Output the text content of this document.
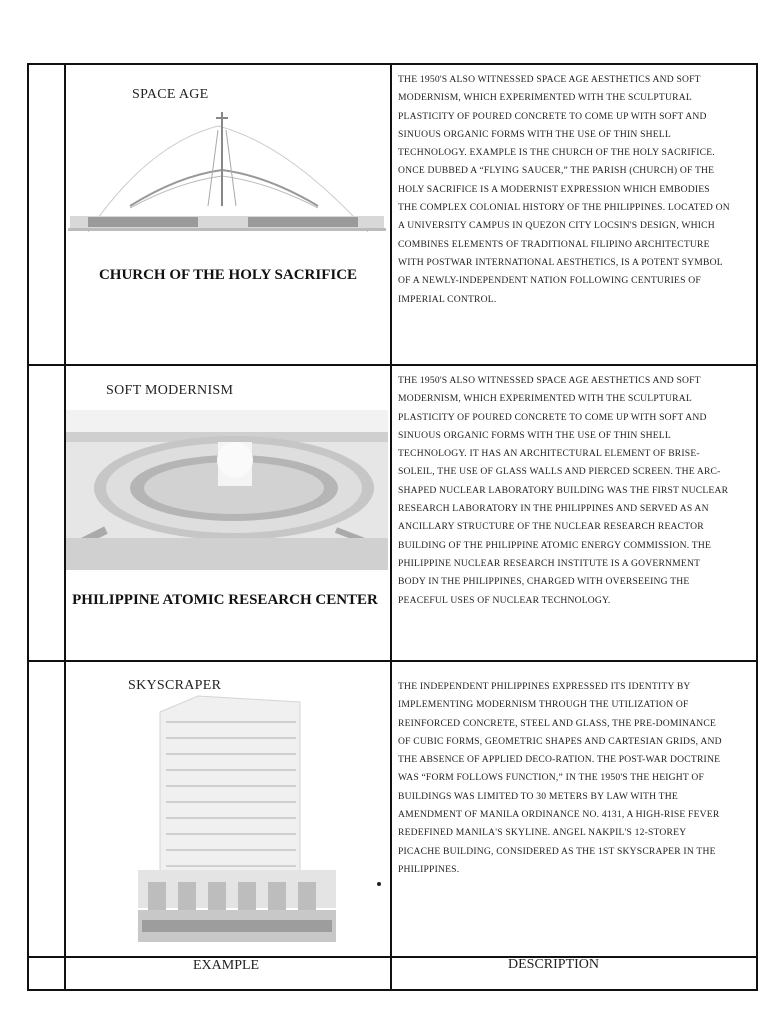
SPACE AGE
CHURCH OF THE HOLY SACRIFICE
THE 1950'S ALSO WITNESSED SPACE AGE AESTHETICS AND SOFT MODERNISM, WHICH EXPERIMENTED WITH THE SCULPTURAL PLASTICITY OF POURED CONCRETE TO COME UP WITH SOFT AND SINUOUS ORGANIC FORMS WITH THE USE OF THIN SHELL TECHNOLOGY. EXAMPLE IS THE CHURCH OF THE HOLY SACRIFICE. ONCE DUBBED A “FLYING SAUCER,” THE PARISH (CHURCH) OF THE HOLY SACRIFICE IS A MODERNIST EXPRESSION WHICH EMBODIES THE COMPLEX COLONIAL HISTORY OF THE PHILIPPINES. LOCATED ON A UNIVERSITY CAMPUS IN QUEZON CITY LOCSIN'S DESIGN, WHICH COMBINES ELEMENTS OF TRADITIONAL FILIPINO ARCHITECTURE WITH POSTWAR INTERNATIONAL AESTHETICS, IS A POTENT SYMBOL OF A NEWLY-INDEPENDENT NATION FOLLOWING CENTURIES OF IMPERIAL CONTROL.
SOFT MODERNISM
PHILIPPINE ATOMIC RESEARCH CENTER
THE 1950'S ALSO WITNESSED SPACE AGE AESTHETICS AND SOFT MODERNISM, WHICH EXPERIMENTED WITH THE SCULPTURAL PLASTICITY OF POURED CONCRETE TO COME UP WITH SOFT AND SINUOUS ORGANIC FORMS WITH THE USE OF THIN SHELL TECHNOLOGY. IT HAS AN ARCHITECTURAL ELEMENT OF BRISE-SOLEIL, THE USE OF GLASS WALLS AND PIERCED SCREEN. THE ARC-SHAPED NUCLEAR LABORATORY BUILDING WAS THE FIRST NUCLEAR RESEARCH LABORATORY IN THE PHILIPPINES AND SERVED AS AN ANCILLARY STRUCTURE OF THE NUCLEAR RESEARCH REACTOR BUILDING OF THE PHILIPPINE ATOMIC ENERGY COMMISSION. THE PHILIPPINE NUCLEAR RESEARCH INSTITUTE IS A GOVERNMENT BODY IN THE PHILIPPINES, CHARGED WITH OVERSEEING THE PEACEFUL USES OF NUCLEAR TECHNOLOGY.
SKYSCRAPER	THE INDEPENDENT PHILIPPINES EXPRESSED ITS IDENTITY BY IMPLEMENTING MODERNISM THROUGH THE UTILIZATION OF REINFORCED CONCRETE, STEEL AND GLASS, THE PRE-DOMINANCE OF CUBIC FORMS, GEOMETRIC SHAPES AND CARTESIAN GRIDS, AND THE ABSENCE OF APPLIED DECO-RATION. THE POST-WAR DOCTRINE WAS “FORM FOLLOWS FUNCTION,” IN THE 1950'S THE HEIGHT OF BUILDINGS WAS LIMITED TO 30 METERS BY LAW WITH THE AMENDMENT OF MANILA ORDINANCE NO. 4131, A HIGH-RISE FEVER REDEFINED MANILA'S SKYLINE. ANGEL NAKPIL'S 12-STOREY PICACHE BUILDING, CONSIDERED AS THE 1ST SKYSCRAPER IN THE PHILIPPINES.
EXAMPLE	DESCRIPTION
